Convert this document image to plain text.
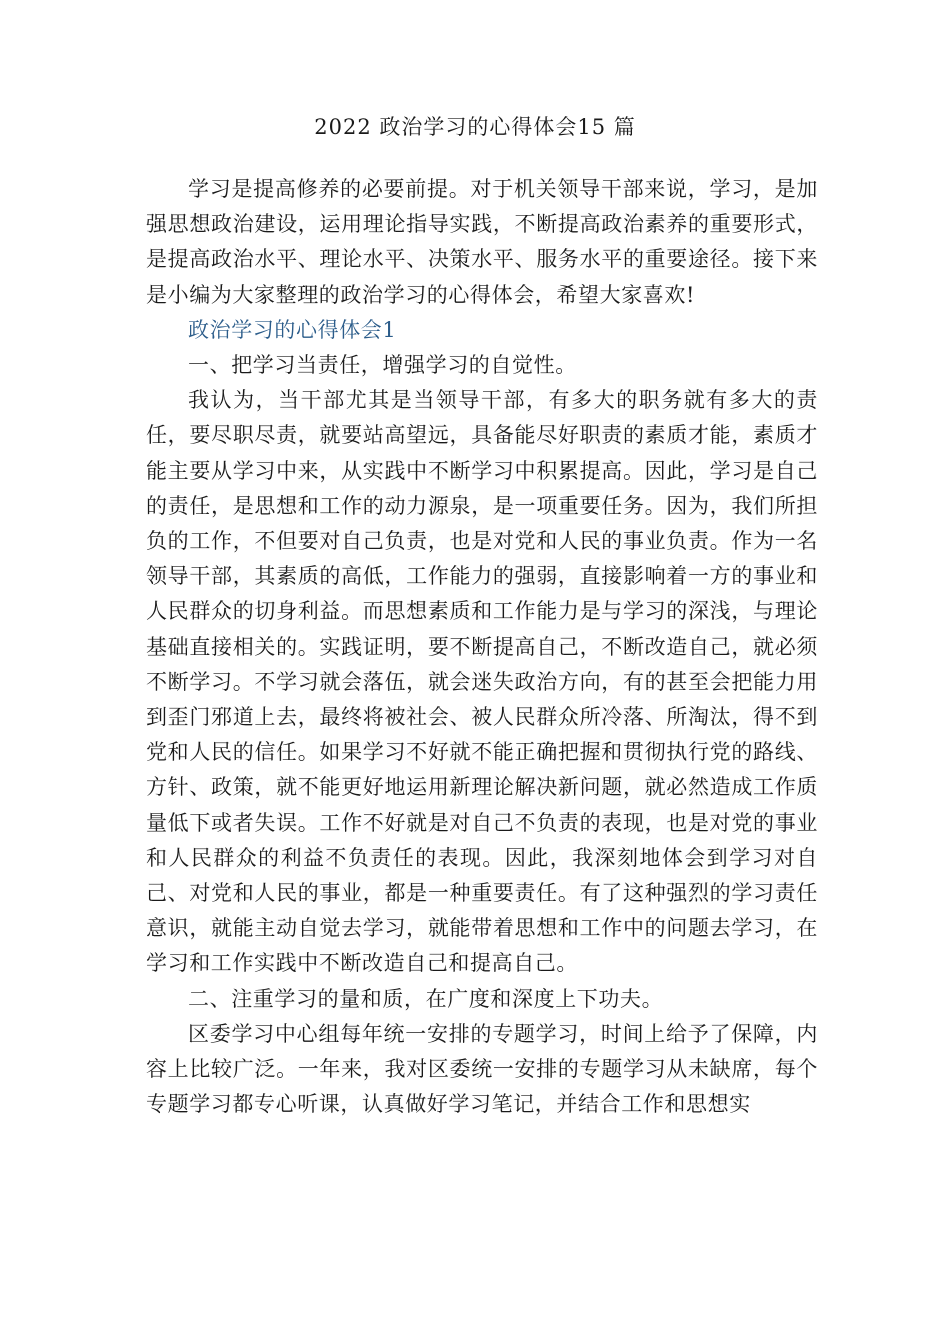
2022 政治学习的心得体会15 篇

学习是提高修养的必要前提。对于机关领导干部来说，学习，是加强思想政治建设，运用理论指导实践，不断提高政治素养的重要形式，是提高政治水平、理论水平、决策水平、服务水平的重要途径。接下来是小编为大家整理的政治学习的心得体会，希望大家喜欢!

政治学习的心得体会1

一、把学习当责任，增强学习的自觉性。

我认为，当干部尤其是当领导干部，有多大的职务就有多大的责任，要尽职尽责，就要站高望远，具备能尽好职责的素质才能，素质才能主要从学习中来，从实践中不断学习中积累提高。因此，学习是自己的责任，是思想和工作的动力源泉，是一项重要任务。因为，我们所担负的工作，不但要对自己负责，也是对党和人民的事业负责。作为一名领导干部，其素质的高低，工作能力的强弱，直接影响着一方的事业和人民群众的切身利益。而思想素质和工作能力是与学习的深浅，与理论基础直接相关的。实践证明，要不断提高自己，不断改造自己，就必须不断学习。不学习就会落伍，就会迷失政治方向，有的甚至会把能力用到歪门邪道上去，最终将被社会、被人民群众所冷落、所淘汰，得不到党和人民的信任。如果学习不好就不能正确把握和贯彻执行党的路线、方针、政策，就不能更好地运用新理论解决新问题，就必然造成工作质量低下或者失误。工作不好就是对自己不负责的表现，也是对党的事业和人民群众的利益不负责任的表现。因此，我深刻地体会到学习对自己、对党和人民的事业，都是一种重要责任。有了这种强烈的学习责任意识，就能主动自觉去学习，就能带着思想和工作中的问题去学习，在学习和工作实践中不断改造自己和提高自己。

二、注重学习的量和质，在广度和深度上下功夫。

区委学习中心组每年统一安排的专题学习，时间上给予了保障，内容上比较广泛。一年来，我对区委统一安排的专题学习从未缺席，每个专题学习都专心听课，认真做好学习笔记，并结合工作和思想实
